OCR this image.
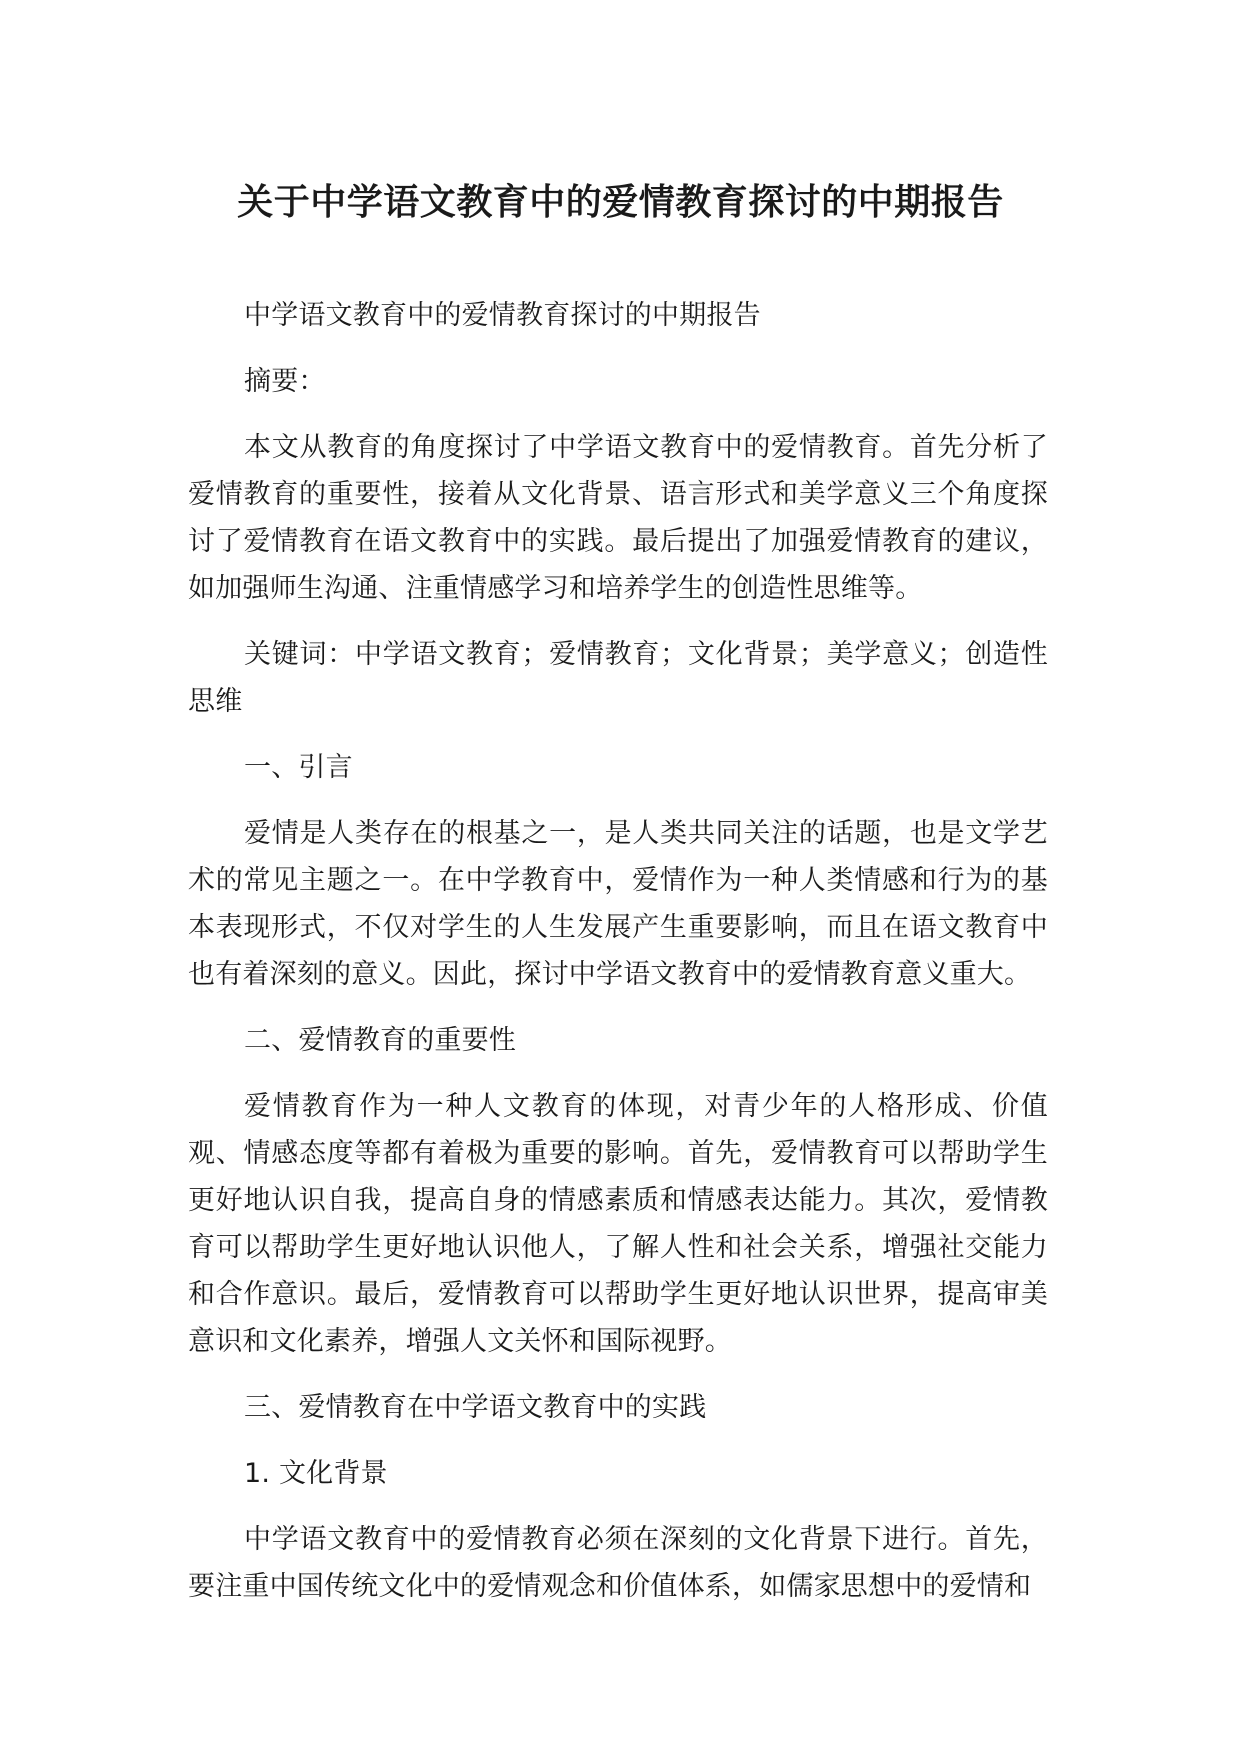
关于中学语文教育中的爱情教育探讨的中期报告

中学语文教育中的爱情教育探讨的中期报告

摘要：

本文从教育的角度探讨了中学语文教育中的爱情教育。首先分析了爱情教育的重要性，接着从文化背景、语言形式和美学意义三个角度探讨了爱情教育在语文教育中的实践。最后提出了加强爱情教育的建议，如加强师生沟通、注重情感学习和培养学生的创造性思维等。

关键词：中学语文教育；爱情教育；文化背景；美学意义；创造性思维

一、引言

爱情是人类存在的根基之一，是人类共同关注的话题，也是文学艺术的常见主题之一。在中学教育中，爱情作为一种人类情感和行为的基本表现形式，不仅对学生的人生发展产生重要影响，而且在语文教育中也有着深刻的意义。因此，探讨中学语文教育中的爱情教育意义重大。

二、爱情教育的重要性

爱情教育作为一种人文教育的体现，对青少年的人格形成、价值观、情感态度等都有着极为重要的影响。首先，爱情教育可以帮助学生更好地认识自我，提高自身的情感素质和情感表达能力。其次，爱情教育可以帮助学生更好地认识他人，了解人性和社会关系，增强社交能力和合作意识。最后，爱情教育可以帮助学生更好地认识世界，提高审美意识和文化素养，增强人文关怀和国际视野。

三、爱情教育在中学语文教育中的实践

1. 文化背景

中学语文教育中的爱情教育必须在深刻的文化背景下进行。首先，要注重中国传统文化中的爱情观念和价值体系，如儒家思想中的爱情和
